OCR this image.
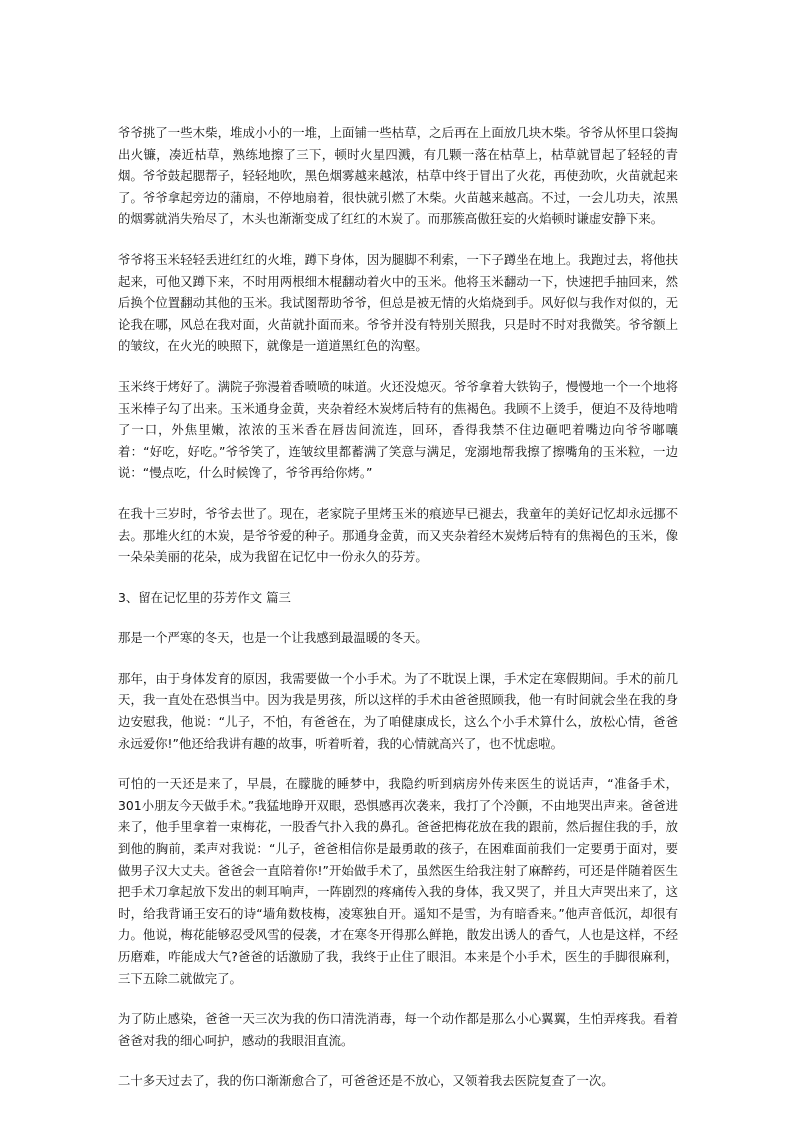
爷爷挑了一些木柴，堆成小小的一堆，上面铺一些枯草，之后再在上面放几块木柴。爷爷从怀里口袋掏出火镰，凑近枯草，熟练地擦了三下，顿时火星四溅，有几颗一落在枯草上，枯草就冒起了轻轻的青烟。爷爷鼓起腮帮子，轻轻地吹，黑色烟雾越来越浓，枯草中终于冒出了火花，再使劲吹，火苗就起来了。爷爷拿起旁边的蒲扇，不停地扇着，很快就引燃了木柴。火苗越来越高。不过，一会儿功夫，浓黑的烟雾就消失殆尽了，木头也渐渐变成了红红的木炭了。而那簇高傲狂妄的火焰顿时谦虚安静下来。

爷爷将玉米轻轻丢进红红的火堆，蹲下身体，因为腿脚不利索，一下子蹲坐在地上。我跑过去，将他扶起来，可他又蹲下来，不时用两根细木棍翻动着火中的玉米。他将玉米翻动一下，快速把手抽回来，然后换个位置翻动其他的玉米。我试图帮助爷爷，但总是被无情的火焰烧到手。风好似与我作对似的，无论我在哪，风总在我对面，火苗就扑面而来。爷爷并没有特别关照我，只是时不时对我微笑。爷爷额上的皱纹，在火光的映照下，就像是一道道黑红色的沟壑。

玉米终于烤好了。满院子弥漫着香喷喷的味道。火还没熄灭。爷爷拿着大铁钩子，慢慢地一个一个地将玉米棒子勾了出来。玉米通身金黄，夹杂着经木炭烤后特有的焦褐色。我顾不上烫手，便迫不及待地啃了一口，外焦里嫩，浓浓的玉米香在唇齿间流连，回环，香得我禁不住边砸吧着嘴边向爷爷嘟嚷着：“好吃，好吃。”爷爷笑了，连皱纹里都蓄满了笑意与满足，宠溺地帮我擦了擦嘴角的玉米粒，一边说：“慢点吃，什么时候馋了，爷爷再给你烤。”

在我十三岁时，爷爷去世了。现在，老家院子里烤玉米的痕迹早已褪去，我童年的美好记忆却永远挪不去。那堆火红的木炭，是爷爷爱的种子。那通身金黄，而又夹杂着经木炭烤后特有的焦褐色的玉米，像一朵朵美丽的花朵，成为我留在记忆中一份永久的芬芳。

3、留在记忆里的芬芳作文 篇三

那是一个严寒的冬天，也是一个让我感到最温暖的冬天。

那年，由于身体发育的原因，我需要做一个小手术。为了不耽误上课，手术定在寒假期间。手术的前几天，我一直处在恐惧当中。因为我是男孩，所以这样的手术由爸爸照顾我，他一有时间就会坐在我的身边安慰我，他说：“儿子，不怕，有爸爸在，为了咱健康成长，这么个小手术算什么，放松心情，爸爸永远爱你!”他还给我讲有趣的故事，听着听着，我的心情就高兴了，也不忧虑啦。

可怕的一天还是来了，早晨，在朦胧的睡梦中，我隐约听到病房外传来医生的说话声，“准备手术，301小朋友今天做手术。”我猛地睁开双眼，恐惧感再次袭来，我打了个冷颤，不由地哭出声来。爸爸进来了，他手里拿着一束梅花，一股香气扑入我的鼻孔。爸爸把梅花放在我的跟前，然后握住我的手，放到他的胸前，柔声对我说：“儿子，爸爸相信你是最勇敢的孩子，在困难面前我们一定要勇于面对，要做男子汉大丈夫。爸爸会一直陪着你!”开始做手术了，虽然医生给我注射了麻醉药，可还是伴随着医生把手术刀拿起放下发出的刺耳响声，一阵剧烈的疼痛传入我的身体，我又哭了，并且大声哭出来了，这时，给我背诵王安石的诗“墙角数枝梅，凌寒独自开。遥知不是雪，为有暗香来。”他声音低沉，却很有力。他说，梅花能够忍受风雪的侵袭，才在寒冬开得那么鲜艳，散发出诱人的香气，人也是这样，不经历磨难，咋能成大气?爸爸的话激励了我，我终于止住了眼泪。本来是个小手术，医生的手脚很麻利，三下五除二就做完了。

为了防止感染，爸爸一天三次为我的伤口清洗消毒，每一个动作都是那么小心翼翼，生怕弄疼我。看着爸爸对我的细心呵护，感动的我眼泪直流。

二十多天过去了，我的伤口渐渐愈合了，可爸爸还是不放心，又领着我去医院复查了一次。
